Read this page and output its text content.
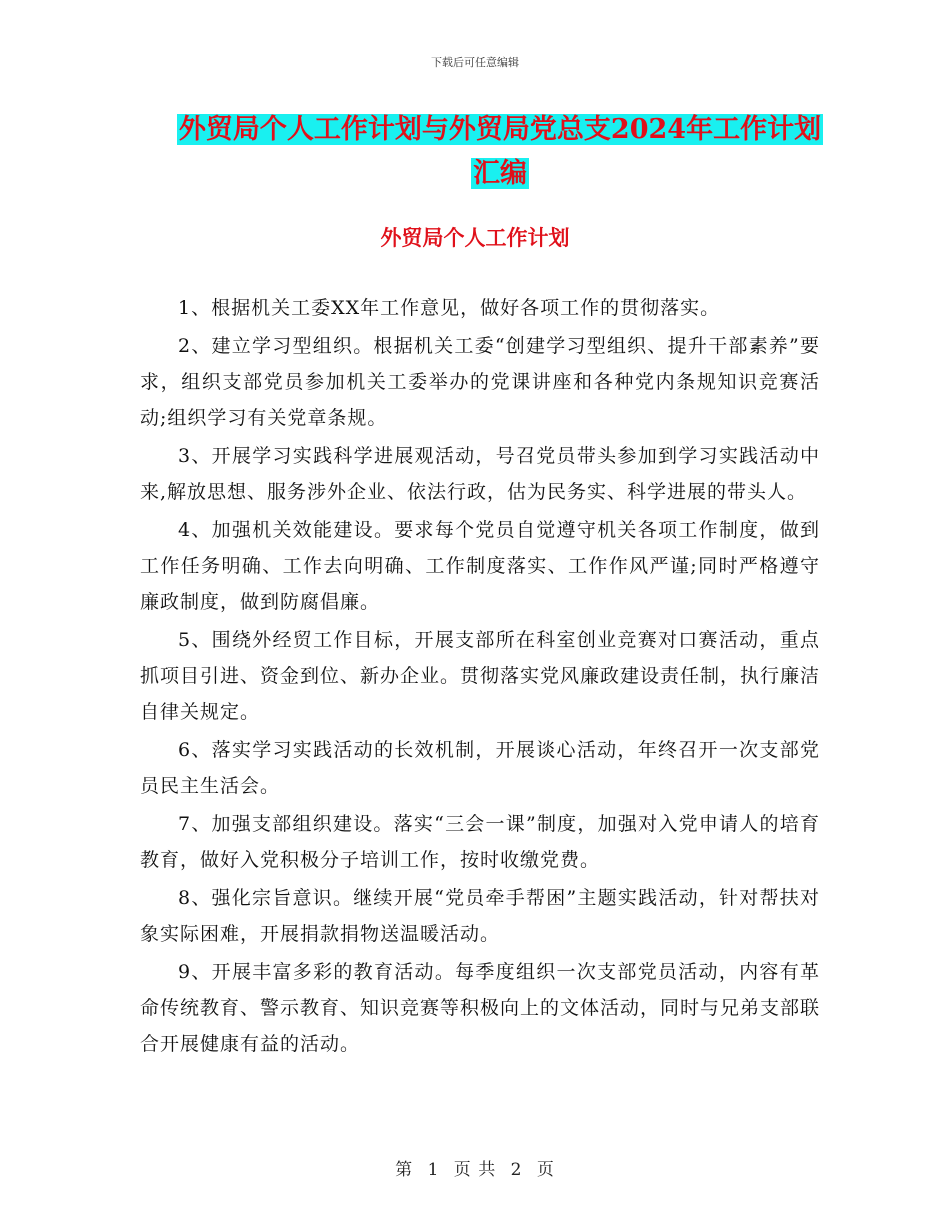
下载后可任意编辑
外贸局个人工作计划与外贸局党总支2024年工作计划
汇编
外贸局个人工作计划

1、根据机关工委XX年工作意见，做好各项工作的贯彻落实。

2、建立学习型组织。根据机关工委“创建学习型组织、提升干部素养”要求，组织支部党员参加机关工委举办的党课讲座和各种党内条规知识竞赛活动;组织学习有关党章条规。

3、开展学习实践科学进展观活动，号召党员带头参加到学习实践活动中来,解放思想、服务涉外企业、依法行政，估为民务实、科学进展的带头人。

4、加强机关效能建设。要求每个党员自觉遵守机关各项工作制度，做到工作任务明确、工作去向明确、工作制度落实、工作作风严谨;同时严格遵守廉政制度，做到防腐倡廉。

5、围绕外经贸工作目标，开展支部所在科室创业竞赛对口赛活动，重点抓项目引进、资金到位、新办企业。贯彻落实党风廉政建设责任制，执行廉洁自律关规定。

6、落实学习实践活动的长效机制，开展谈心活动，年终召开一次支部党员民主生活会。

7、加强支部组织建设。落实“三会一课”制度，加强对入党申请人的培育教育，做好入党积极分子培训工作，按时收缴党费。

8、强化宗旨意识。继续开展“党员牵手帮困”主题实践活动，针对帮扶对象实际困难，开展捐款捐物送温暖活动。

9、开展丰富多彩的教育活动。每季度组织一次支部党员活动，内容有革命传统教育、警示教育、知识竞赛等积极向上的文体活动，同时与兄弟支部联合开展健康有益的活动。

第 1 页 共 2 页
